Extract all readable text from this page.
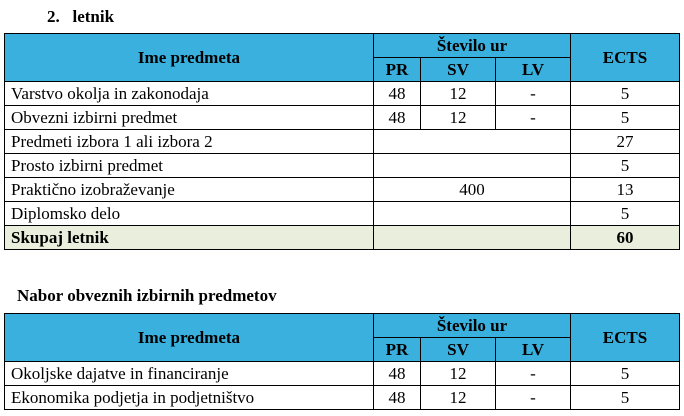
2. letnik
Ime predmeta	Število ur			ECTS
	PR	SV	LV	
Varstvo okolja in zakonodaja	48	12	-	5
Obvezni izbirni predmet	48	12	-	5
Predmeti izbora 1 ali izbora 2				27
Prosto izbirni predmet				5
Praktično izobraževanje	400			13
Diplomsko delo				5
Skupaj letnik				60
Nabor obveznih izbirnih predmetov
Ime predmeta	Število ur			ECTS
	PR	SV	LV	
Okoljske dajatve in financiranje	48	12	-	5
Ekonomika podjetja in podjetništvo	48	12	-	5
